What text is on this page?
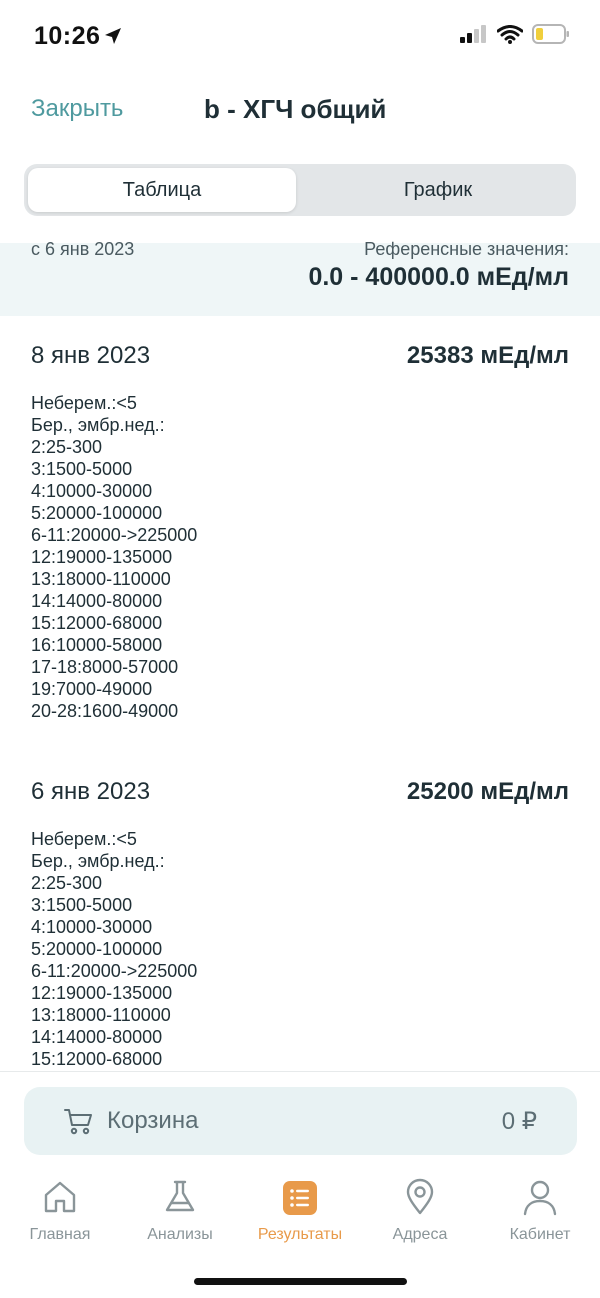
10:26
Закрыть	b - ХГЧ общий
Таблица	График
с 6 янв 2023	Референсные значения:
0.0 - 400000.0 мЕд/мл
8 янв 2023	25383 мЕд/мл
Неберем.:<5
Бер., эмбр.нед.:
2:25-300
3:1500-5000
4:10000-30000
5:20000-100000
6-11:20000->225000
12:19000-135000
13:18000-110000
14:14000-80000
15:12000-68000
16:10000-58000
17-18:8000-57000
19:7000-49000
20-28:1600-49000
6 янв 2023	25200 мЕд/мл
Неберем.:<5
Бер., эмбр.нед.:
2:25-300
3:1500-5000
4:10000-30000
5:20000-100000
6-11:20000->225000
12:19000-135000
13:18000-110000
14:14000-80000
15:12000-68000
Корзина	0 ₽
Главная	Анализы	Результаты	Адреса	Кабинет
